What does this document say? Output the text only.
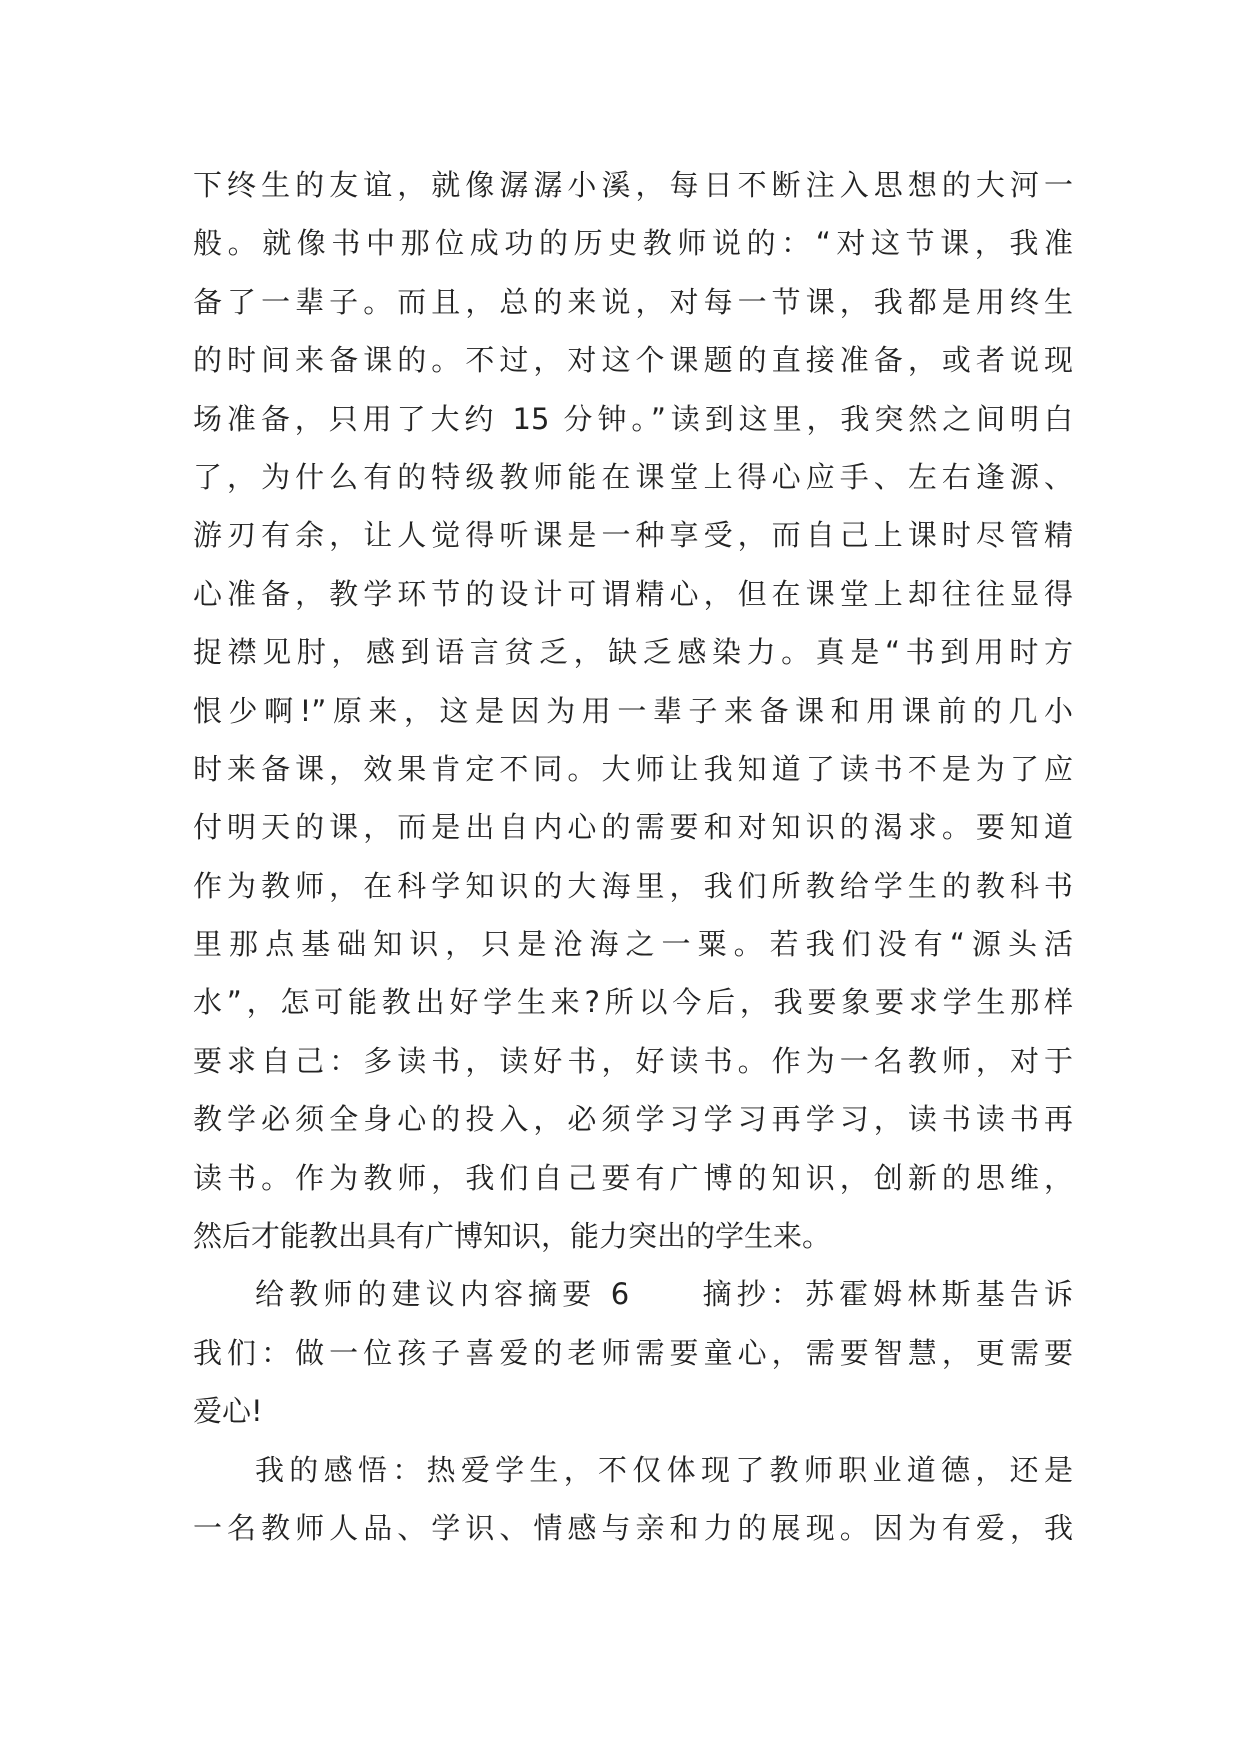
下终生的友谊，就像潺潺小溪，每日不断注入思想的大河一
般。就像书中那位成功的历史教师说的：“对这节课，我准
备了一辈子。而且，总的来说，对每一节课，我都是用终生
的时间来备课的。不过，对这个课题的直接准备，或者说现
场准备，只用了大约 15 分钟。”读到这里，我突然之间明白
了，为什么有的特级教师能在课堂上得心应手、左右逢源、
游刃有余，让人觉得听课是一种享受，而自己上课时尽管精
心准备，教学环节的设计可谓精心，但在课堂上却往往显得
捉襟见肘，感到语言贫乏，缺乏感染力。真是“书到用时方
恨少啊!”原来，这是因为用一辈子来备课和用课前的几小
时来备课，效果肯定不同。大师让我知道了读书不是为了应
付明天的课，而是出自内心的需要和对知识的渴求。要知道
作为教师，在科学知识的大海里，我们所教给学生的教科书
里那点基础知识，只是沧海之一粟。若我们没有“源头活
水”，怎可能教出好学生来?所以今后，我要象要求学生那样
要求自己：多读书，读好书，好读书。作为一名教师，对于
教学必须全身心的投入，必须学习学习再学习，读书读书再
读书。作为教师，我们自己要有广博的知识，创新的思维，
然后才能教出具有广博知识，能力突出的学生来。
给教师的建议内容摘要 6　　摘抄：苏霍姆林斯基告诉
我们：做一位孩子喜爱的老师需要童心，需要智慧，更需要
爱心!
我的感悟：热爱学生，不仅体现了教师职业道德，还是
一名教师人品、学识、情感与亲和力的展现。因为有爱，我
